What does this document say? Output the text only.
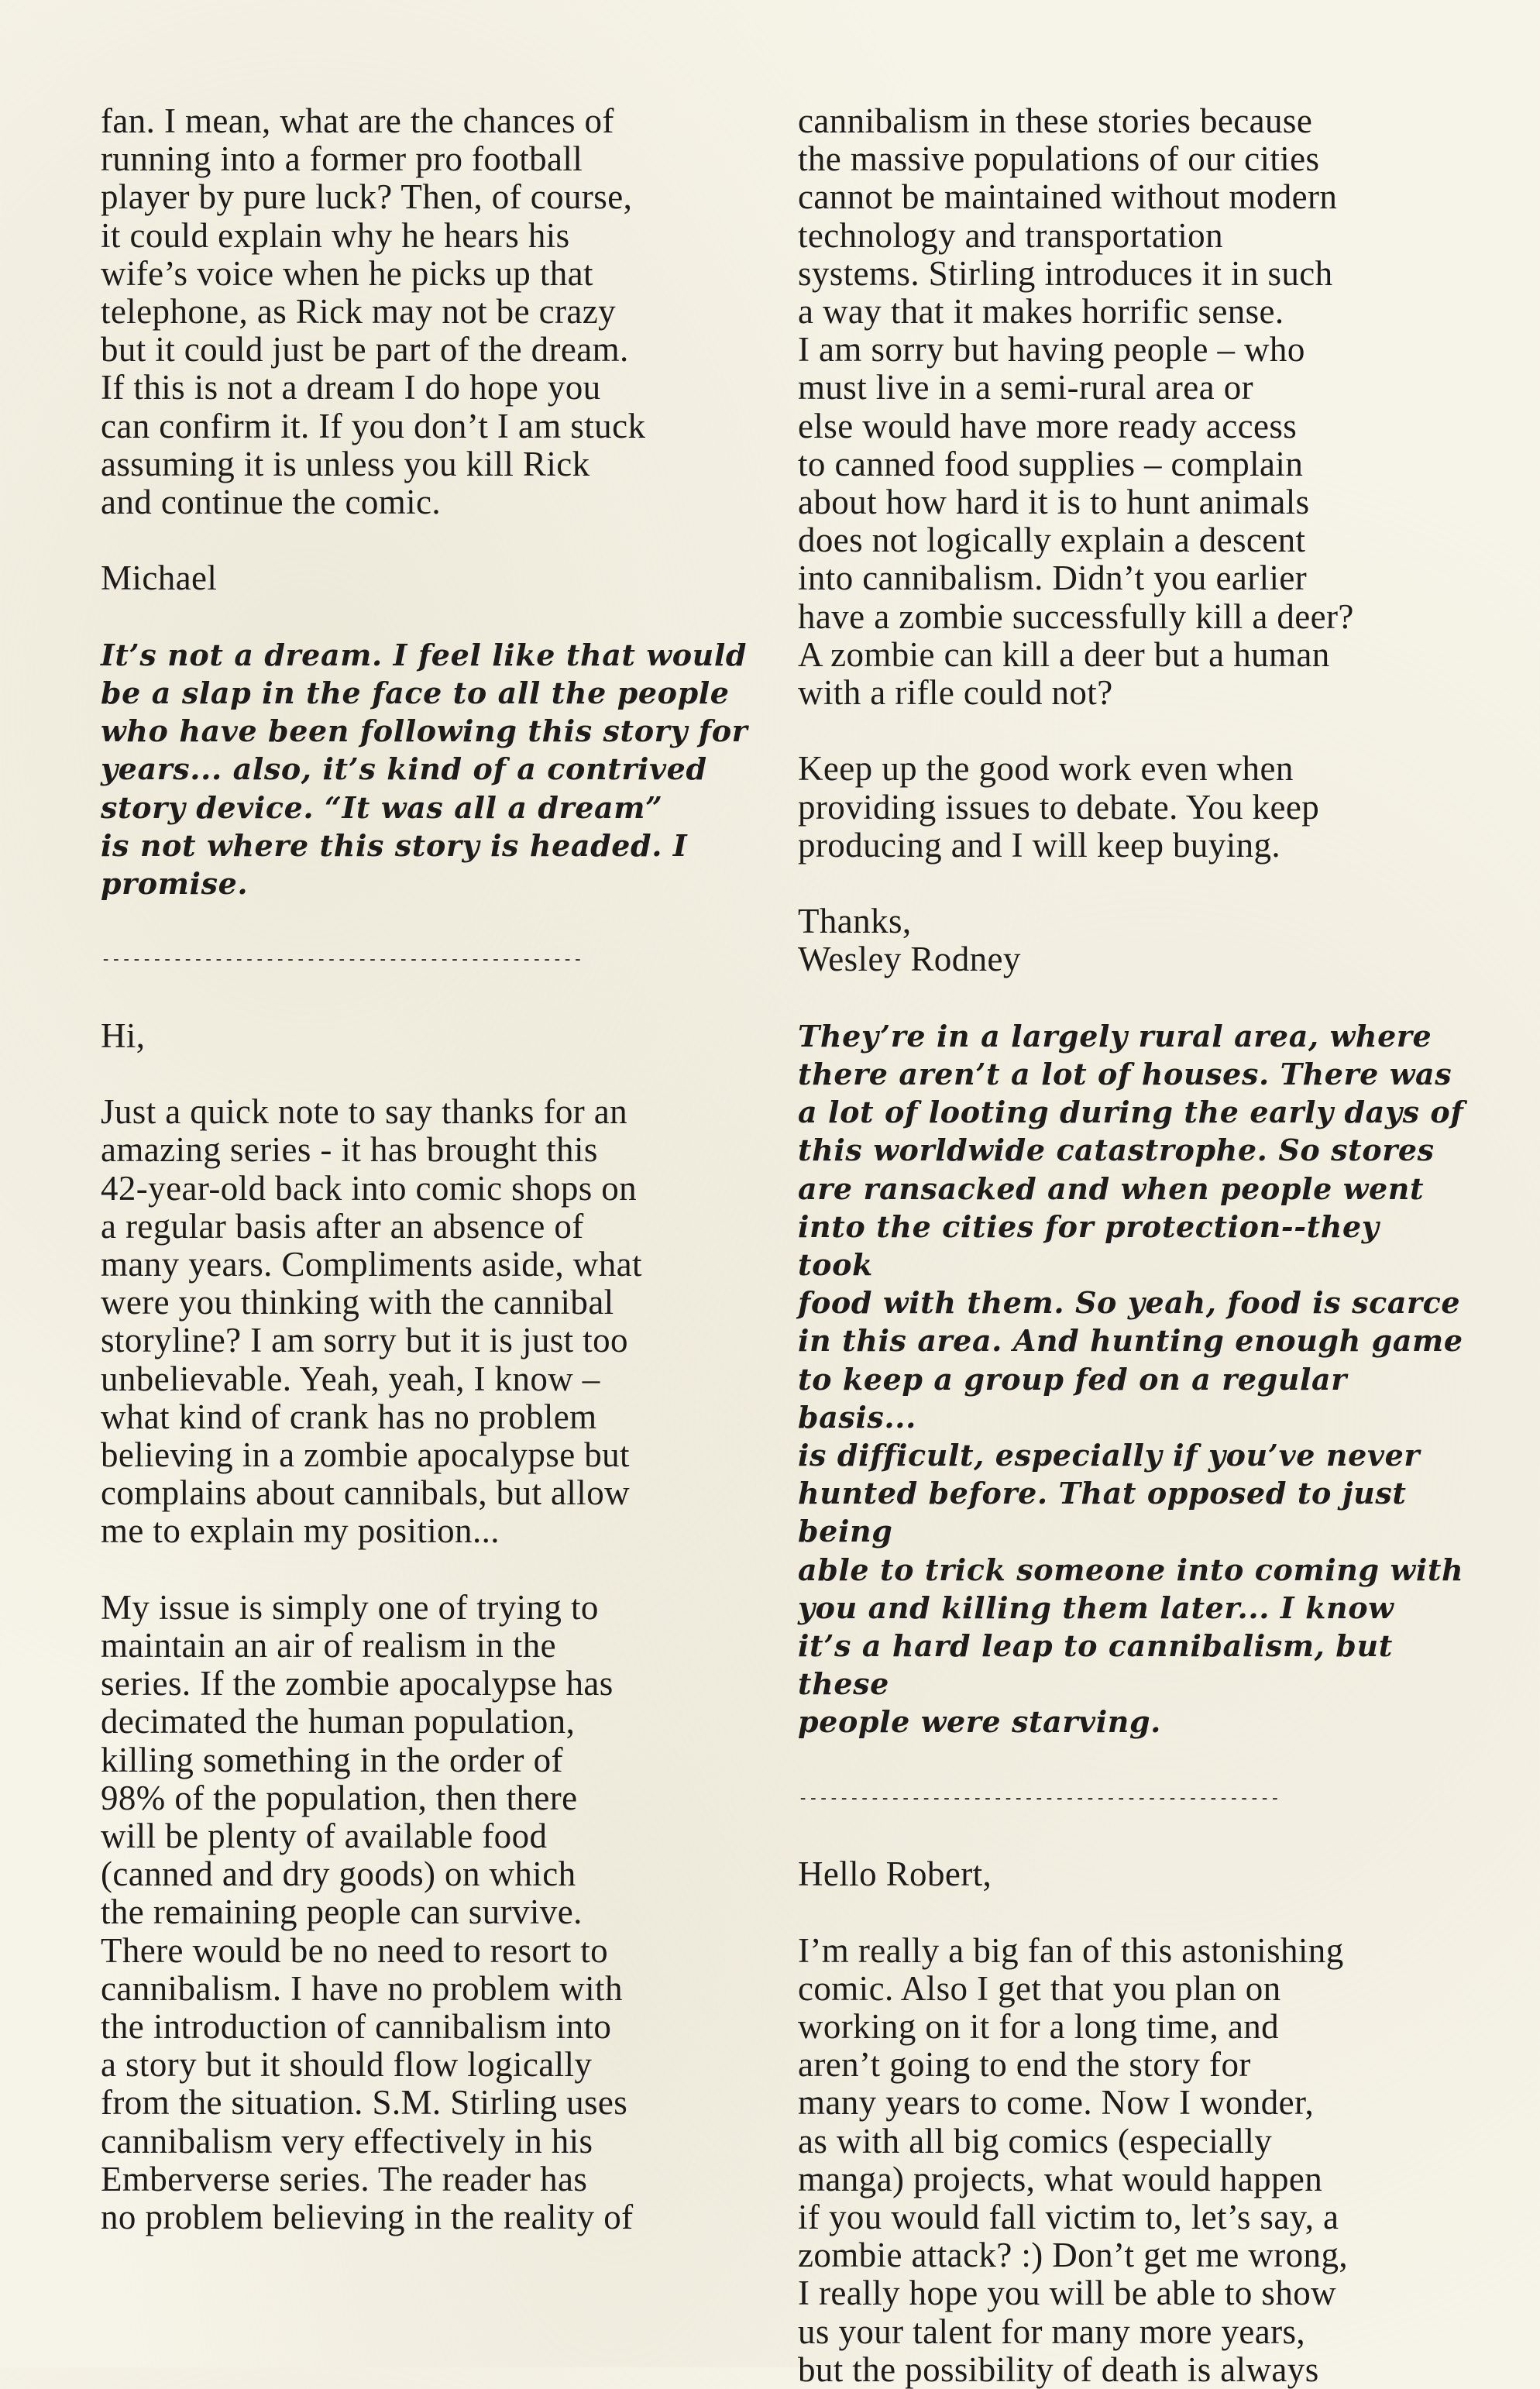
fan. I mean, what are the chances of
running into a former pro football
player by pure luck? Then, of course,
it could explain why he hears his
wife’s voice when he picks up that
telephone, as Rick may not be crazy
but it could just be part of the dream.
If this is not a dream I do hope you
can confirm it. If you don’t I am stuck
assuming it is unless you kill Rick
and continue the comic.

Michael

It’s not a dream. I feel like that would
be a slap in the face to all the people
who have been following this story for
years... also, it’s kind of a contrived
story device. “It was all a dream”
is not where this story is headed. I
promise.

-----------------------------------------------

Hi,

Just a quick note to say thanks for an
amazing series - it has brought this
42-year-old back into comic shops on
a regular basis after an absence of
many years. Compliments aside, what
were you thinking with the cannibal
storyline? I am sorry but it is just too
unbelievable. Yeah, yeah, I know –
what kind of crank has no problem
believing in a zombie apocalypse but
complains about cannibals, but allow
me to explain my position...

My issue is simply one of trying to
maintain an air of realism in the
series. If the zombie apocalypse has
decimated the human population,
killing something in the order of
98% of the population, then there
will be plenty of available food
(canned and dry goods) on which
the remaining people can survive.
There would be no need to resort to
cannibalism. I have no problem with
the introduction of cannibalism into
a story but it should flow logically
from the situation. S.M. Stirling uses
cannibalism very effectively in his
Emberverse series. The reader has
no problem believing in the reality of

cannibalism in these stories because
the massive populations of our cities
cannot be maintained without modern
technology and transportation
systems. Stirling introduces it in such
a way that it makes horrific sense.
I am sorry but having people – who
must live in a semi-rural area or
else would have more ready access
to canned food supplies – complain
about how hard it is to hunt animals
does not logically explain a descent
into cannibalism. Didn’t you earlier
have a zombie successfully kill a deer?
A zombie can kill a deer but a human
with a rifle could not?

Keep up the good work even when
providing issues to debate. You keep
producing and I will keep buying.

Thanks,
Wesley Rodney

They’re in a largely rural area, where
there aren’t a lot of houses. There was
a lot of looting during the early days of
this worldwide catastrophe. So stores
are ransacked and when people went
into the cities for protection--they took
food with them. So yeah, food is scarce
in this area. And hunting enough game
to keep a group fed on a regular basis...
is difficult, especially if you’ve never
hunted before. That opposed to just being
able to trick someone into coming with
you and killing them later... I know
it’s a hard leap to cannibalism, but these
people were starving.

-----------------------------------------------

Hello Robert,

I’m really a big fan of this astonishing
comic. Also I get that you plan on
working on it for a long time, and
aren’t going to end the story for
many years to come. Now I wonder,
as with all big comics (especially
manga) projects, what would happen
if you would fall victim to, let’s say, a
zombie attack? :) Don’t get me wrong,
I really hope you will be able to show
us your talent for many more years,
but the possibility of death is always
